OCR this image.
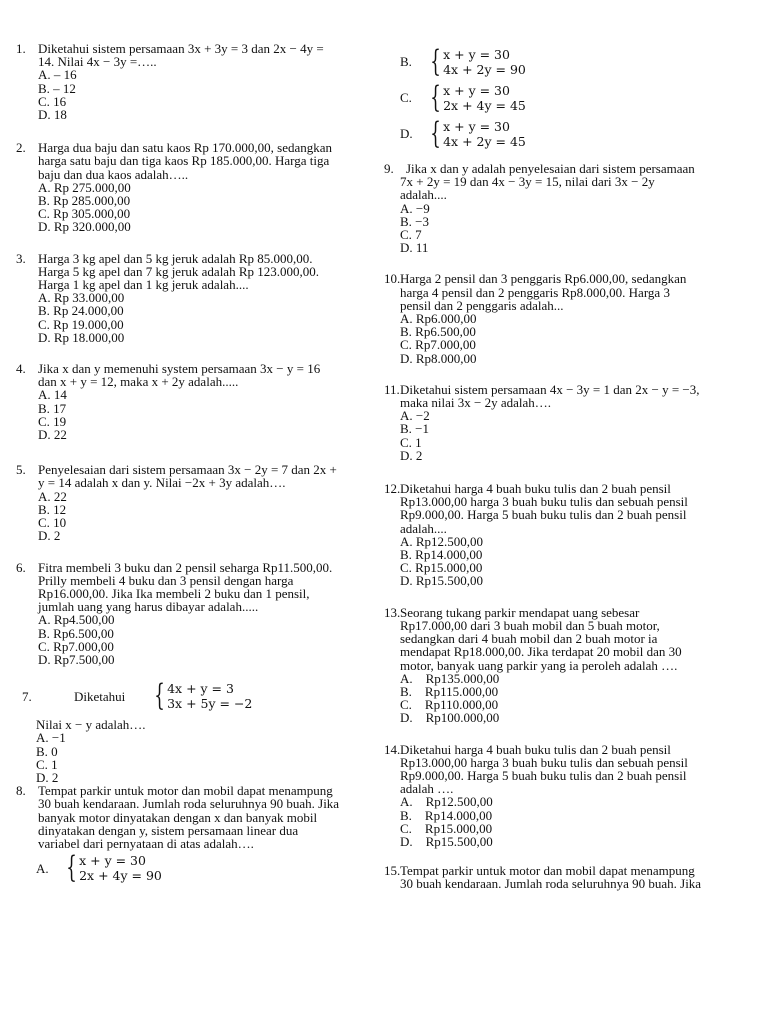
1. Diketahui sistem persamaan 3x + 3y = 3 dan 2x − 4y =
14. Nilai 4x − 3y =…..
A. – 16
B. – 12
C. 16
D. 18
2. Harga dua baju dan satu kaos Rp 170.000,00, sedangkan
harga satu baju dan tiga kaos Rp 185.000,00. Harga tiga
baju dan dua kaos adalah…..
A. Rp 275.000,00
B. Rp 285.000,00
C. Rp 305.000,00
D. Rp 320.000,00
3. Harga 3 kg apel dan 5 kg jeruk adalah Rp 85.000,00.
Harga 5 kg apel dan 7 kg jeruk adalah Rp 123.000,00.
Harga 1 kg apel dan 1 kg jeruk adalah....
A. Rp 33.000,00
B. Rp 24.000,00
C. Rp 19.000,00
D. Rp 18.000,00
4. Jika x dan y memenuhi system persamaan 3x − y = 16
dan x + y = 12, maka x + 2y adalah.....
A. 14
B. 17
C. 19
D. 22
5. Penyelesaian dari sistem persamaan 3x − 2y = 7 dan 2x +
y = 14 adalah x dan y. Nilai −2x + 3y adalah….
A. 22
B. 12
C. 10
D. 2
6. Fitra membeli 3 buku dan 2 pensil seharga Rp11.500,00.
Prilly membeli 4 buku dan 3 pensil dengan harga
Rp16.000,00. Jika Ika membeli 2 buku dan 1 pensil,
jumlah uang yang harus dibayar adalah.....
A. Rp4.500,00
B. Rp6.500,00
C. Rp7.000,00
D. Rp7.500,00
7.	Diketahui { 4x + y = 3
3x + 5y = −2
Nilai x − y adalah….
A. −1
B. 0
C. 1
D. 2
8. Tempat parkir untuk motor dan mobil dapat menampung
30 buah kendaraan. Jumlah roda seluruhnya 90 buah. Jika
banyak motor dinyatakan dengan x dan banyak mobil
dinyatakan dengan y, sistem persamaan linear dua
variabel dari pernyataan di atas adalah….
A. { x + y = 30
2x + 4y = 90
B. { x + y = 30
4x + 2y = 90
C. { x + y = 30
2x + 4y = 45
D. { x + y = 30
4x + 2y = 45
9. Jika x dan y adalah penyelesaian dari sistem persamaan
7x + 2y = 19 dan 4x − 3y = 15, nilai dari 3x − 2y
adalah....
A. −9
B. −3
C. 7
D. 11
10. Harga 2 pensil dan 3 penggaris Rp6.000,00, sedangkan
harga 4 pensil dan 2 penggaris Rp8.000,00. Harga 3
pensil dan 2 penggaris adalah...
A. Rp6.000,00
B. Rp6.500,00
C. Rp7.000,00
D. Rp8.000,00
11. Diketahui sistem persamaan 4x − 3y = 1 dan 2x − y = −3,
maka nilai 3x − 2y adalah….
A. −2
B. −1
C. 1
D. 2
12. Diketahui harga 4 buah buku tulis dan 2 buah pensil
Rp13.000,00 harga 3 buah buku tulis dan sebuah pensil
Rp9.000,00. Harga 5 buah buku tulis dan 2 buah pensil
adalah....
A. Rp12.500,00
B. Rp14.000,00
C. Rp15.000,00
D. Rp15.500,00
13. Seorang tukang parkir mendapat uang sebesar
Rp17.000,00 dari 3 buah mobil dan 5 buah motor,
sedangkan dari 4 buah mobil dan 2 buah motor ia
mendapat Rp18.000,00. Jika terdapat 20 mobil dan 30
motor, banyak uang parkir yang ia peroleh adalah ….
A.    Rp135.000,00
B.    Rp115.000,00
C.    Rp110.000,00
D.    Rp100.000,00
14. Diketahui harga 4 buah buku tulis dan 2 buah pensil
Rp13.000,00 harga 3 buah buku tulis dan sebuah pensil
Rp9.000,00. Harga 5 buah buku tulis dan 2 buah pensil
adalah ….
A.    Rp12.500,00
B.    Rp14.000,00
C.    Rp15.000,00
D.    Rp15.500,00
15. Tempat parkir untuk motor dan mobil dapat menampung
30 buah kendaraan. Jumlah roda seluruhnya 90 buah. Jika
